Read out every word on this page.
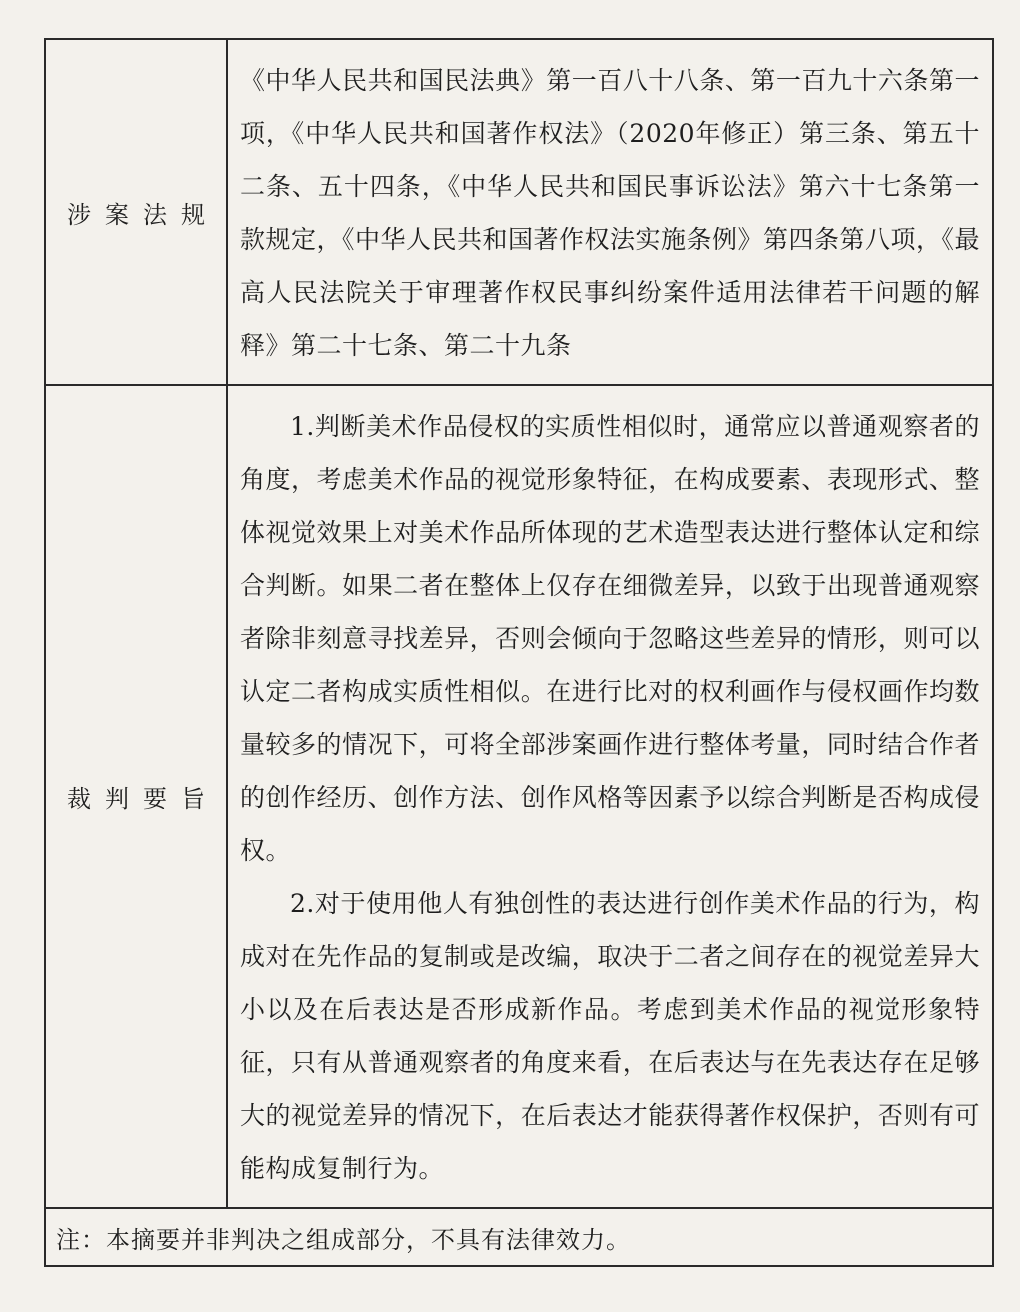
涉案法规	《中华人民共和国民法典》第一百八十八条、第一百九十六条第一项，《中华人民共和国著作权法》（2020年修正）第三条、第五十二条、五十四条，《中华人民共和国民事诉讼法》第六十七条第一款规定，《中华人民共和国著作权法实施条例》第四条第八项，《最高人民法院关于审理著作权民事纠纷案件适用法律若干问题的解释》第二十七条、第二十九条

裁判要旨	1.判断美术作品侵权的实质性相似时，通常应以普通观察者的角度，考虑美术作品的视觉形象特征，在构成要素、表现形式、整体视觉效果上对美术作品所体现的艺术造型表达进行整体认定和综合判断。如果二者在整体上仅存在细微差异，以致于出现普通观察者除非刻意寻找差异，否则会倾向于忽略这些差异的情形，则可以认定二者构成实质性相似。在进行比对的权利画作与侵权画作均数量较多的情况下，可将全部涉案画作进行整体考量，同时结合作者的创作经历、创作方法、创作风格等因素予以综合判断是否构成侵权。

2.对于使用他人有独创性的表达进行创作美术作品的行为，构成对在先作品的复制或是改编，取决于二者之间存在的视觉差异大小以及在后表达是否形成新作品。考虑到美术作品的视觉形象特征，只有从普通观察者的角度来看，在后表达与在先表达存在足够大的视觉差异的情况下，在后表达才能获得著作权保护，否则有可能构成复制行为。

注：本摘要并非判决之组成部分，不具有法律效力。	
